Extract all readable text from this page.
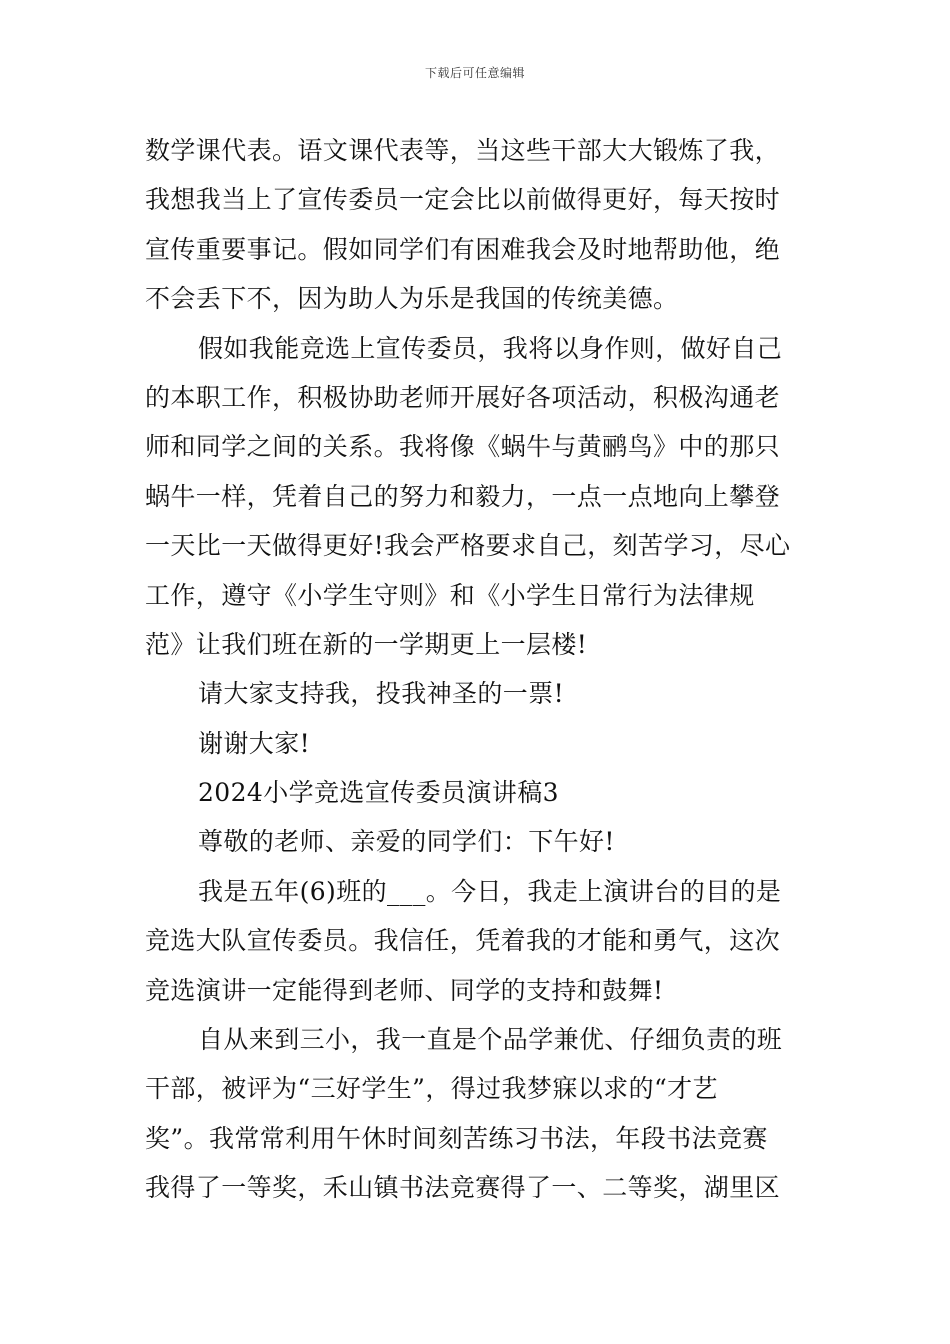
下载后可任意编辑
数学课代表。语文课代表等，当这些干部大大锻炼了我，
我想我当上了宣传委员一定会比以前做得更好，每天按时
宣传重要事记。假如同学们有困难我会及时地帮助他，绝
不会丢下不，因为助人为乐是我国的传统美德。
假如我能竞选上宣传委员，我将以身作则，做好自己
的本职工作，积极协助老师开展好各项活动，积极沟通老
师和同学之间的关系。我将像《蜗牛与黄鹂鸟》中的那只
蜗牛一样，凭着自己的努力和毅力，一点一点地向上攀登
一天比一天做得更好!我会严格要求自己，刻苦学习，尽心
工作，遵守《小学生守则》和《小学生日常行为法律规
范》让我们班在新的一学期更上一层楼!
请大家支持我，投我神圣的一票!
谢谢大家!
2024小学竞选宣传委员演讲稿3
尊敬的老师、亲爱的同学们：下午好!
我是五年(6)班的___。今日，我走上演讲台的目的是
竞选大队宣传委员。我信任，凭着我的才能和勇气，这次
竞选演讲一定能得到老师、同学的支持和鼓舞!
自从来到三小，我一直是个品学兼优、仔细负责的班
干部，被评为“三好学生”，得过我梦寐以求的“才艺
奖”。我常常利用午休时间刻苦练习书法，年段书法竞赛
我得了一等奖，禾山镇书法竞赛得了一、二等奖，湖里区
